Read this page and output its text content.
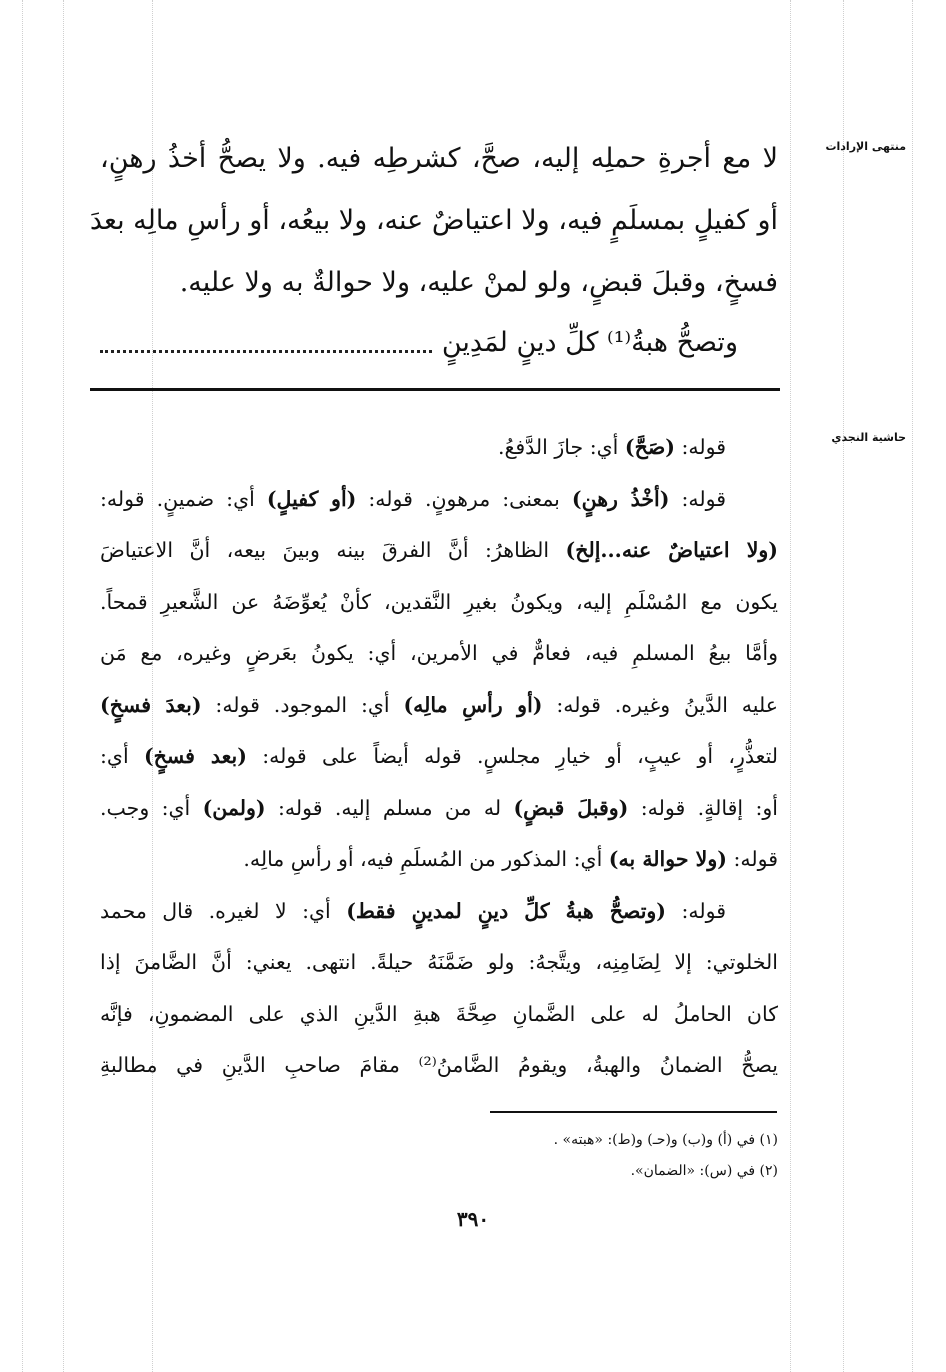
منتهى الإرادات
حاشية النجدي
لا مع أجرةِ حملِه إليه، صحَّ، كشرطِه فيه. ولا يصحُّ أخذُ رهنٍ،
أو كفيلٍ بمسلَمٍ فيه، ولا اعتياضٌ عنه، ولا بيعُه، أو رأسِ مالِه بعدَ
فسخٍ، وقبلَ قبضٍ، ولو لمنْ عليه، ولا حوالةٌ به ولا عليه.
وتصحُّ هبةُ⁽¹⁾ كلِّ دينٍ لمَدِينٍ
قوله: (صَحَّ) أي: جازَ الدَّفعُ.
قوله: (أخْذُ رهنٍ) بمعنى: مرهونٍ. قوله: (أو كفيلٍ) أي: ضمينٍ. قوله:
(ولا اعتياضٌ عنه...إلخ) الظاهرُ: أنَّ الفرقَ بينه وبينَ بيعه، أنَّ الاعتياضَ
يكون مع المُسْلَمِ إليه، ويكونُ بغيرِ النَّقدين، كأنْ يُعوِّضَهُ عن الشَّعيرِ قمحاً.
وأمَّا بيعُ المسلمِ فيه، فعامٌّ في الأمرين، أي: يكونُ بعَرضٍ وغيره، مع مَن
عليه الدَّينُ وغيره. قوله: (أو رأسِ مالِه) أي: الموجود. قوله: (بعدَ فسخٍ)
لتعذُّرٍ، أو عيبٍ، أو خيارِ مجلسٍ. قوله أيضاً على قوله: (بعد فسخٍ) أي:
أو: إقالةٍ. قوله: (وقبلَ قبضٍ) له من مسلم إليه. قوله: (ولمن) أي: وجب.
قوله: (ولا حوالة به) أي: المذكور من المُسلَمِ فيه، أو رأسِ مالِه.
قوله: (وتصحُّ هبةُ كلِّ دينٍ لمدينٍ فقط) أي: لا لغيره. قال محمد
الخلوتي: إلا لِضَامِنِه، ويتَّجهُ: ولو ضَمَّنَهُ حيلةً. انتهى. يعني: أنَّ الضَّامنَ إذا
كان الحاملُ له على الضَّمانِ صِحَّةَ هبةِ الدَّينِ الذي على المضمونِ، فإنَّه
يصحُّ الضمانُ والهبةُ، ويقومُ الضَّامنُ⁽²⁾ مقامَ صاحبِ الدَّينِ في مطالبةِ
(١) في (أ) و(ب) و(حـ) و(ط): «هبته» .
(٢) في (س): «الضمان».
٣٩٠
